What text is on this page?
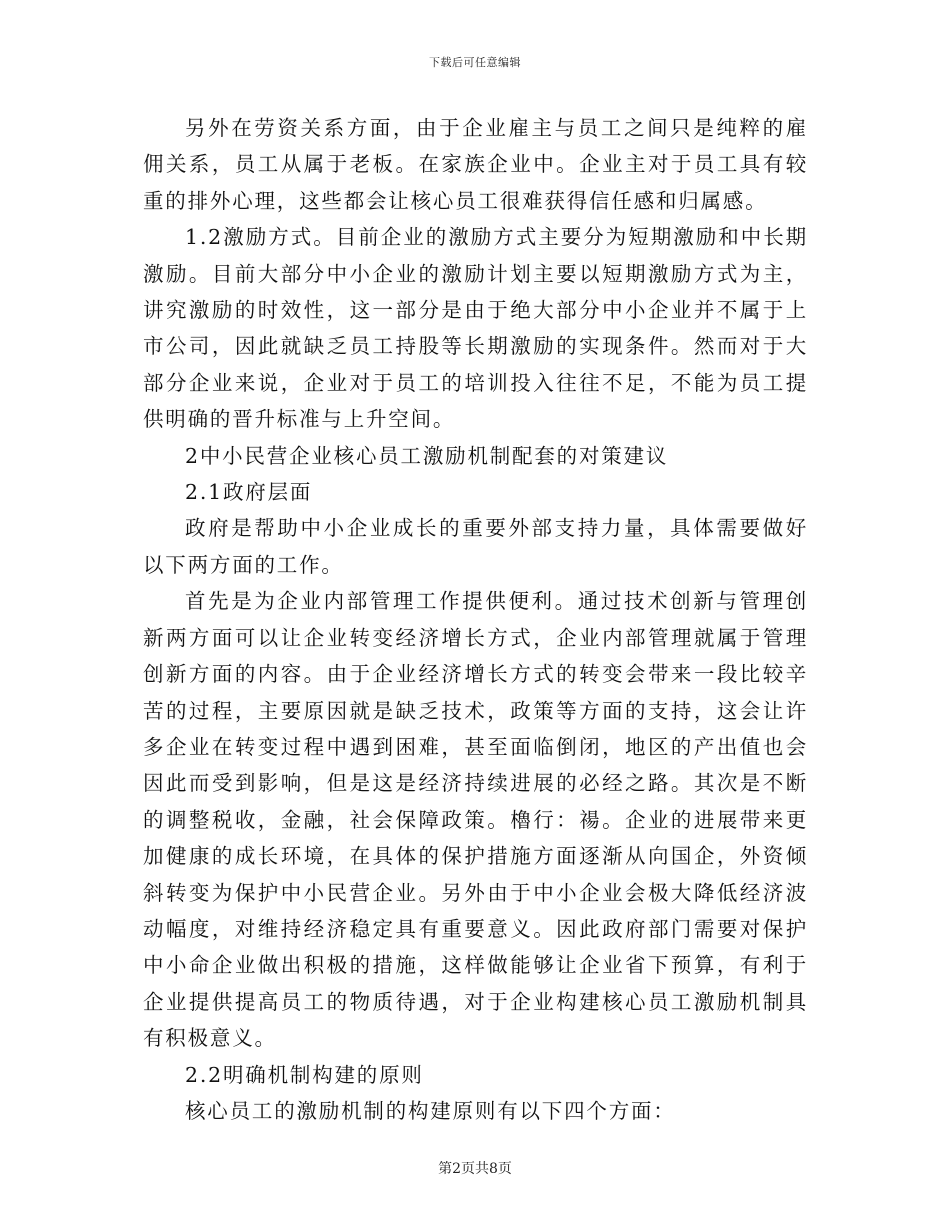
下载后可任意编辑

另外在劳资关系方面，由于企业雇主与员工之间只是纯粹的雇佣关系，员工从属于老板。在家族企业中。企业主对于员工具有较重的排外心理，这些都会让核心员工很难获得信任感和归属感。

1.2激励方式。目前企业的激励方式主要分为短期激励和中长期激励。目前大部分中小企业的激励计划主要以短期激励方式为主，讲究激励的时效性，这一部分是由于绝大部分中小企业并不属于上市公司，因此就缺乏员工持股等长期激励的实现条件。然而对于大部分企业来说，企业对于员工的培训投入往往不足，不能为员工提供明确的晋升标准与上升空间。

2中小民营企业核心员工激励机制配套的对策建议

2.1政府层面

政府是帮助中小企业成长的重要外部支持力量，具体需要做好以下两方面的工作。

首先是为企业内部管理工作提供便利。通过技术创新与管理创新两方面可以让企业转变经济增长方式，企业内部管理就属于管理创新方面的内容。由于企业经济增长方式的转变会带来一段比较辛苦的过程，主要原因就是缺乏技术，政策等方面的支持，这会让许多企业在转变过程中遇到困难，甚至面临倒闭，地区的产出值也会因此而受到影响，但是这是经济持续进展的必经之路。其次是不断的调整税收，金融，社会保障政策。櫓行：禓。企业的进展带来更加健康的成长环境，在具体的保护措施方面逐渐从向国企，外资倾斜转变为保护中小民营企业。另外由于中小企业会极大降低经济波动幅度，对维持经济稳定具有重要意义。因此政府部门需要对保护中小命企业做出积极的措施，这样做能够让企业省下预算，有利于企业提供提高员工的物质待遇，对于企业构建核心员工激励机制具有积极意义。

2.2明确机制构建的原则

核心员工的激励机制的构建原则有以下四个方面：

第2页共8页
